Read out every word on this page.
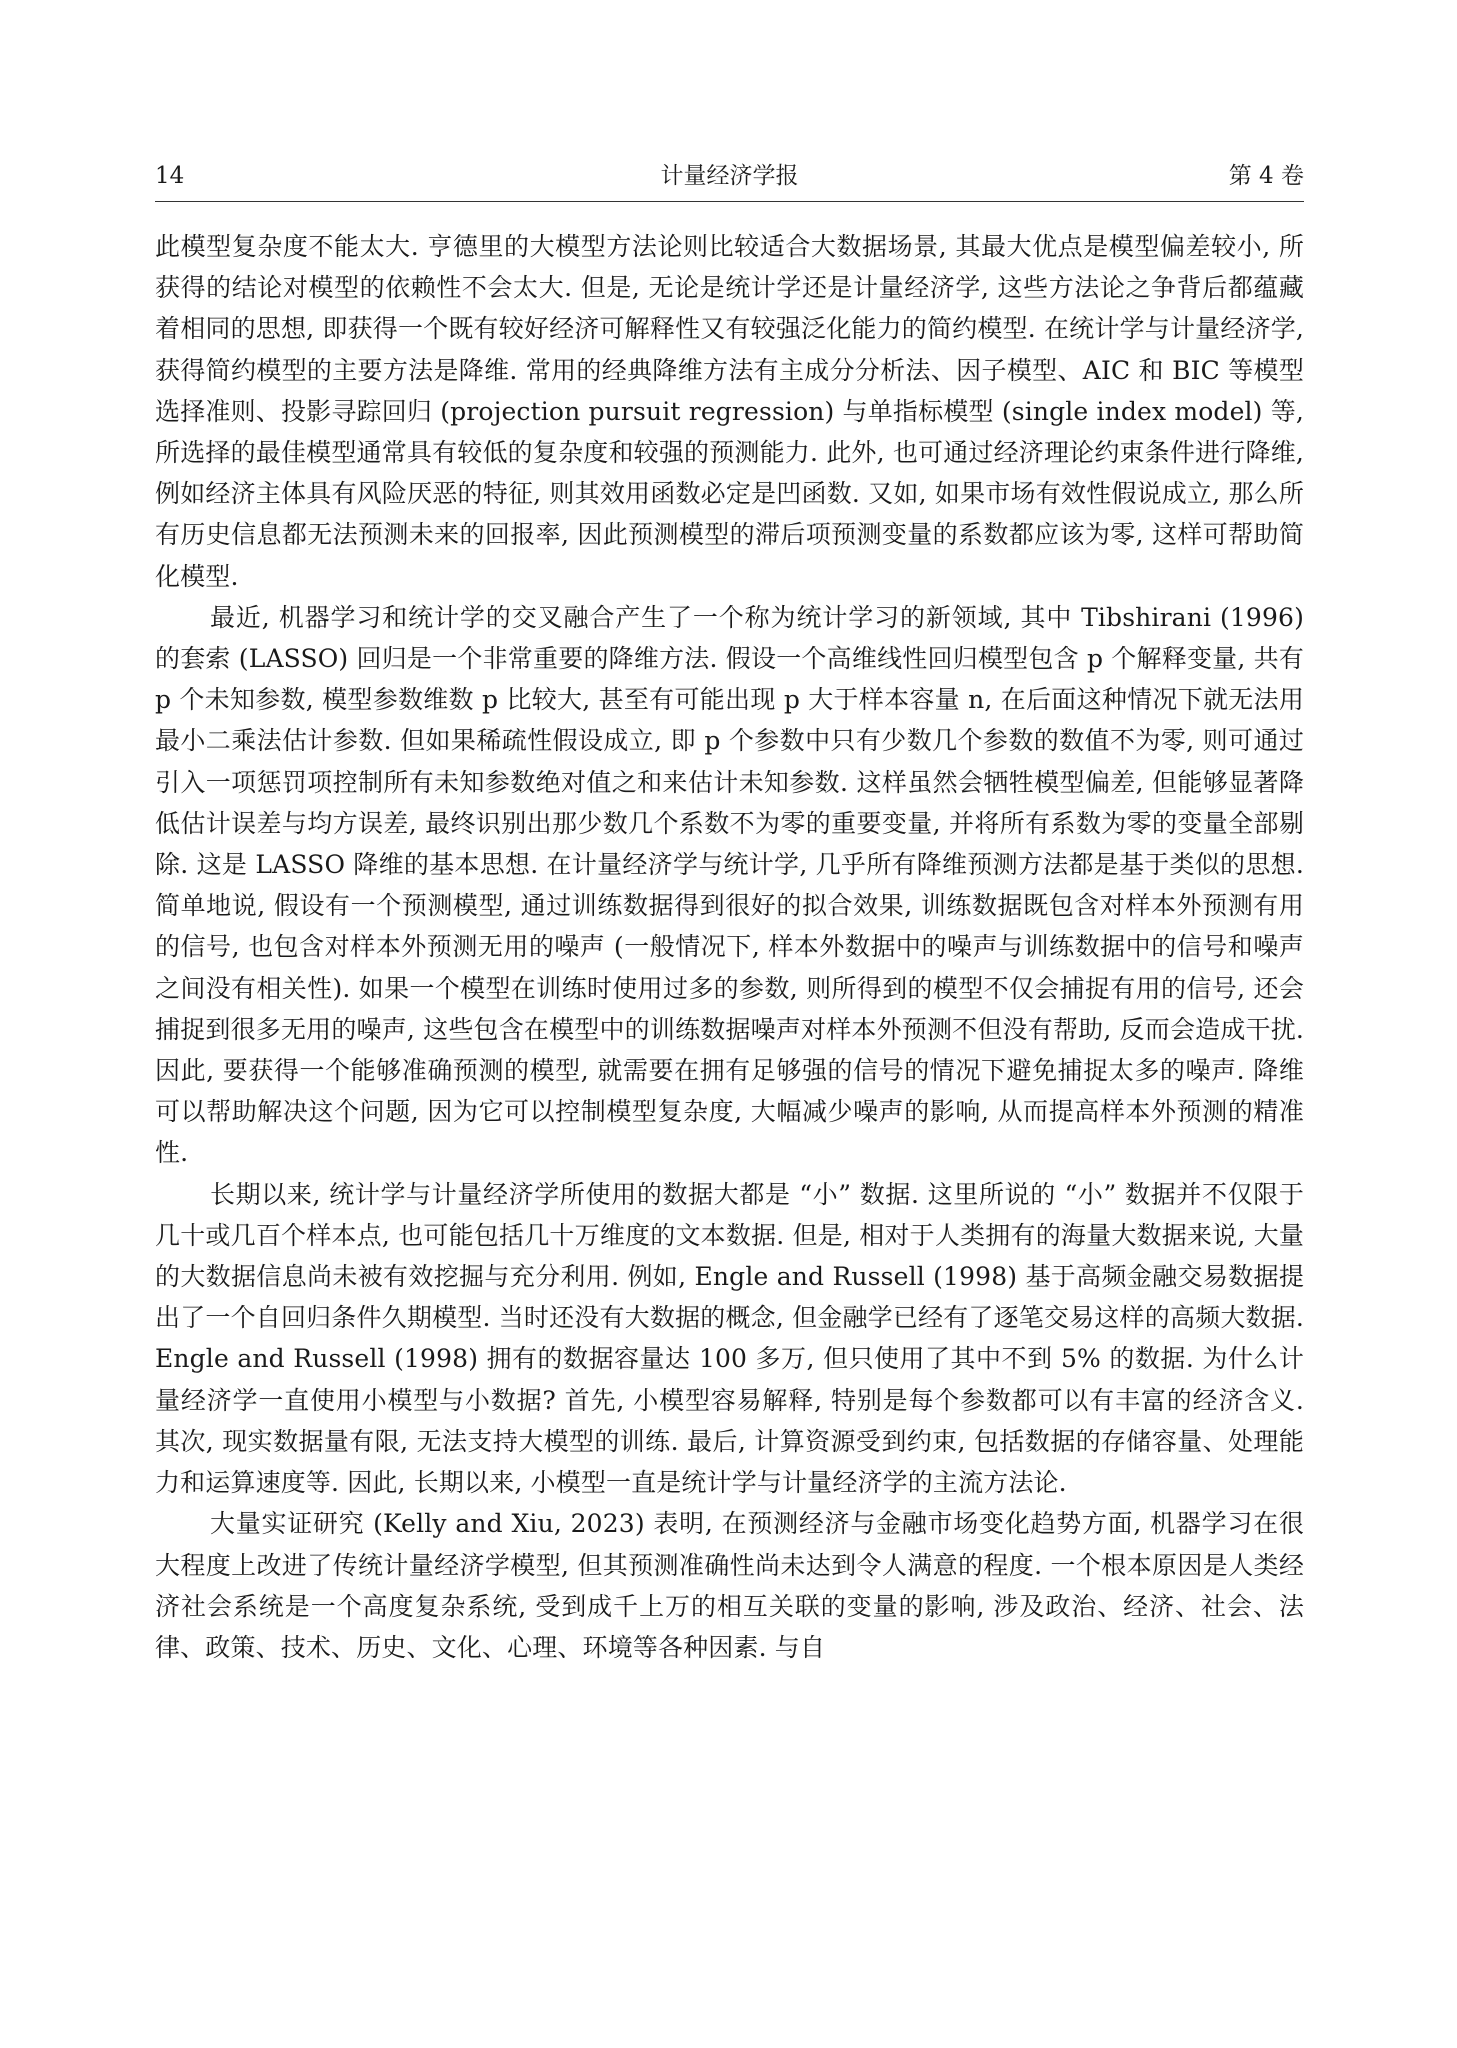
14	计量经济学报	第 4 卷

此模型复杂度不能太大. 亨德里的大模型方法论则比较适合大数据场景, 其最大优点是模型偏差较小, 所获得的结论对模型的依赖性不会太大. 但是, 无论是统计学还是计量经济学, 这些方法论之争背后都蕴藏着相同的思想, 即获得一个既有较好经济可解释性又有较强泛化能力的简约模型. 在统计学与计量经济学, 获得简约模型的主要方法是降维. 常用的经典降维方法有主成分分析法、因子模型、AIC 和 BIC 等模型选择准则、投影寻踪回归 (projection pursuit regression) 与单指标模型 (single index model) 等, 所选择的最佳模型通常具有较低的复杂度和较强的预测能力. 此外, 也可通过经济理论约束条件进行降维, 例如经济主体具有风险厌恶的特征, 则其效用函数必定是凹函数. 又如, 如果市场有效性假说成立, 那么所有历史信息都无法预测未来的回报率, 因此预测模型的滞后项预测变量的系数都应该为零, 这样可帮助简化模型.

最近, 机器学习和统计学的交叉融合产生了一个称为统计学习的新领域, 其中 Tibshirani (1996) 的套索 (LASSO) 回归是一个非常重要的降维方法. 假设一个高维线性回归模型包含 p 个解释变量, 共有 p 个未知参数, 模型参数维数 p 比较大, 甚至有可能出现 p 大于样本容量 n, 在后面这种情况下就无法用最小二乘法估计参数. 但如果稀疏性假设成立, 即 p 个参数中只有少数几个参数的数值不为零, 则可通过引入一项惩罚项控制所有未知参数绝对值之和来估计未知参数. 这样虽然会牺牲模型偏差, 但能够显著降低估计误差与均方误差, 最终识别出那少数几个系数不为零的重要变量, 并将所有系数为零的变量全部剔除. 这是 LASSO 降维的基本思想. 在计量经济学与统计学, 几乎所有降维预测方法都是基于类似的思想. 简单地说, 假设有一个预测模型, 通过训练数据得到很好的拟合效果, 训练数据既包含对样本外预测有用的信号, 也包含对样本外预测无用的噪声 (一般情况下, 样本外数据中的噪声与训练数据中的信号和噪声之间没有相关性). 如果一个模型在训练时使用过多的参数, 则所得到的模型不仅会捕捉有用的信号, 还会捕捉到很多无用的噪声, 这些包含在模型中的训练数据噪声对样本外预测不但没有帮助, 反而会造成干扰. 因此, 要获得一个能够准确预测的模型, 就需要在拥有足够强的信号的情况下避免捕捉太多的噪声. 降维可以帮助解决这个问题, 因为它可以控制模型复杂度, 大幅减少噪声的影响, 从而提高样本外预测的精准性.

长期以来, 统计学与计量经济学所使用的数据大都是 “小” 数据. 这里所说的 “小” 数据并不仅限于几十或几百个样本点, 也可能包括几十万维度的文本数据. 但是, 相对于人类拥有的海量大数据来说, 大量的大数据信息尚未被有效挖掘与充分利用. 例如, Engle and Russell (1998) 基于高频金融交易数据提出了一个自回归条件久期模型. 当时还没有大数据的概念, 但金融学已经有了逐笔交易这样的高频大数据. Engle and Russell (1998) 拥有的数据容量达 100 多万, 但只使用了其中不到 5% 的数据. 为什么计量经济学一直使用小模型与小数据? 首先, 小模型容易解释, 特别是每个参数都可以有丰富的经济含义. 其次, 现实数据量有限, 无法支持大模型的训练. 最后, 计算资源受到约束, 包括数据的存储容量、处理能力和运算速度等. 因此, 长期以来, 小模型一直是统计学与计量经济学的主流方法论.

大量实证研究 (Kelly and Xiu, 2023) 表明, 在预测经济与金融市场变化趋势方面, 机器学习在很大程度上改进了传统计量经济学模型, 但其预测准确性尚未达到令人满意的程度. 一个根本原因是人类经济社会系统是一个高度复杂系统, 受到成千上万的相互关联的变量的影响, 涉及政治、经济、社会、法律、政策、技术、历史、文化、心理、环境等各种因素. 与自
